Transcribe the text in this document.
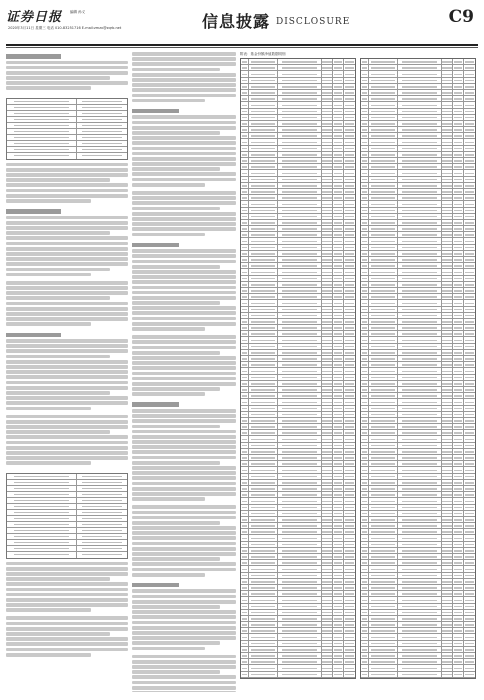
证券日报 编辑 孙义
2020年3月11日 星期三 电话 010-83251716 E-mail:zmzx@zqrb.net	信息披露 DISCLOSURE	C9
附表：基金份额净值数据明细
